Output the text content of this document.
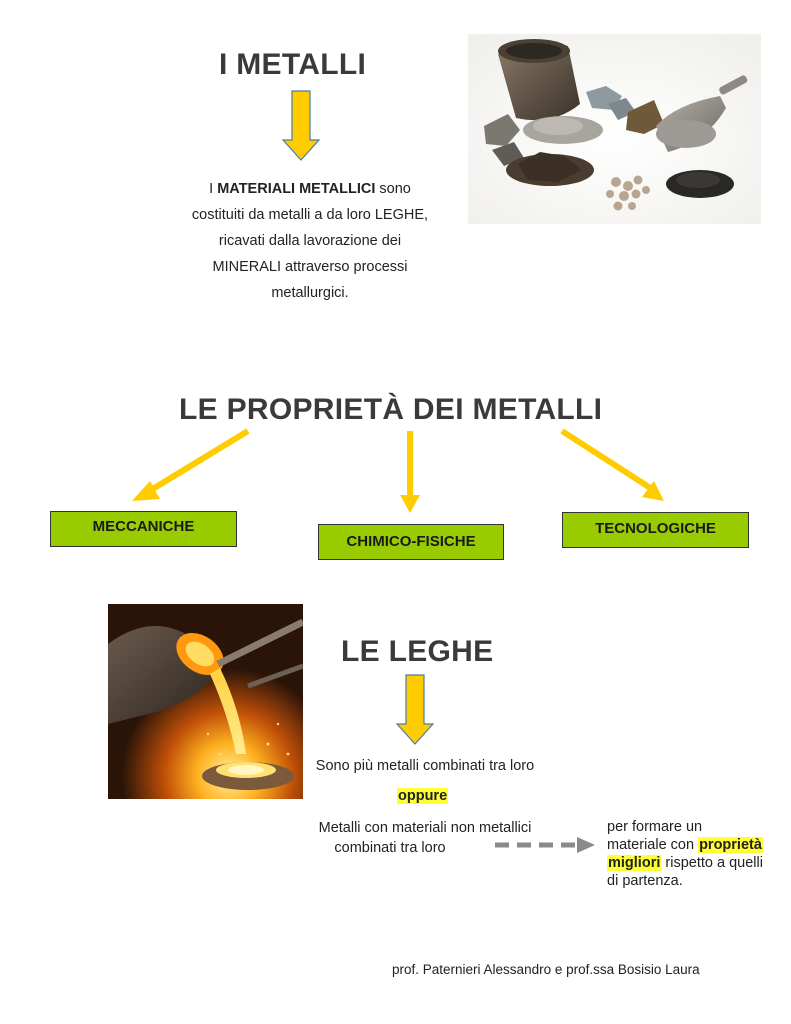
I METALLI
I MATERIALI METALLICI sono
costituiti da metalli a da loro LEGHE,
ricavati dalla lavorazione dei
MINERALI attraverso processi
metallurgici.
LE PROPRIETÀ DEI METALLI
MECCANICHE
CHIMICO-FISICHE
TECNOLOGICHE
LE LEGHE
Sono più metalli combinati tra loro
oppure
Metalli con materiali non metallici
combinati tra loro
per formare un
materiale con proprietà
migliori rispetto a quelli
di partenza.
prof. Paternieri Alessandro e prof.ssa Bosisio Laura
